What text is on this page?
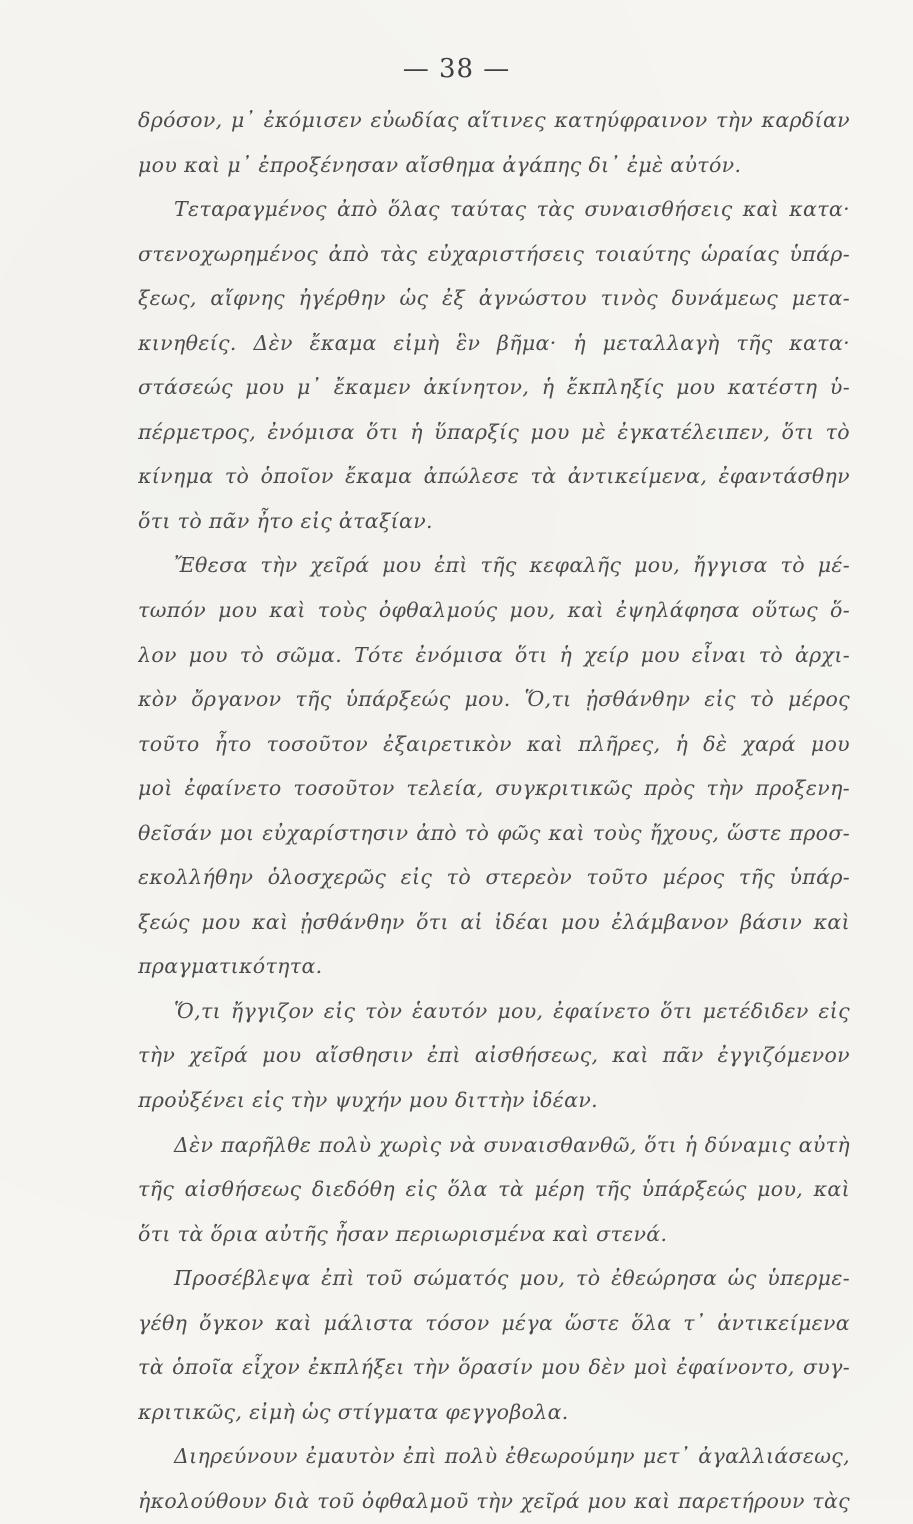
— 38 —
δρόσον, μ᾽ ἐκόμισεν εὐωδίας αἵτινες κατηύφραινον τὴν καρδίαν
μου καὶ μ᾽ ἐπροξένησαν αἴσθημα ἀγάπης δι᾽ ἐμὲ αὐτόν.
Τεταραγμένος ἀπὸ ὅλας ταύτας τὰς συναισθήσεις καὶ κατα·
στενοχωρημένος ἀπὸ τὰς εὐχαριστήσεις τοιαύτης ὡραίας ὑπάρ-
ξεως, αἴφνης ἠγέρθην ὡς ἐξ ἀγνώστου τινὸς δυνάμεως μετα-
κινηθείς. Δὲν ἔκαμα εἰμὴ ἓν βῆμα· ἡ μεταλλαγὴ τῆς κατα·
στάσεώς μου μ᾽ ἔκαμεν ἀκίνητον, ἡ ἔκπληξίς μου κατέστη ὑ-
πέρμετρος, ἐνόμισα ὅτι ἡ ὕπαρξίς μου μὲ ἐγκατέλειπεν, ὅτι τὸ
κίνημα τὸ ὁποῖον ἔκαμα ἀπώλεσε τὰ ἀντικείμενα, ἐφαντάσθην
ὅτι τὸ πᾶν ἦτο εἰς ἀταξίαν.
Ἔθεσα τὴν χεῖρά μου ἐπὶ τῆς κεφαλῆς μου, ἤγγισα τὸ μέ-
τωπόν μου καὶ τοὺς ὀφθαλμούς μου, καὶ ἐψηλάφησα οὕτως ὅ-
λον μου τὸ σῶμα. Τότε ἐνόμισα ὅτι ἡ χείρ μου εἶναι τὸ ἀρχι-
κὸν ὄργανον τῆς ὑπάρξεώς μου. Ὅ,τι ᾐσθάνθην εἰς τὸ μέρος
τοῦτο ἦτο τοσοῦτον ἐξαιρετικὸν καὶ πλῆρες, ἡ δὲ χαρά μου
μοὶ ἐφαίνετο τοσοῦτον τελεία, συγκριτικῶς πρὸς τὴν προξενη-
θεῖσάν μοι εὐχαρίστησιν ἀπὸ τὸ φῶς καὶ τοὺς ἤχους, ὥστε προσ-
εκολλήθην ὁλοσχερῶς εἰς τὸ στερεὸν τοῦτο μέρος τῆς ὑπάρ-
ξεώς μου καὶ ᾐσθάνθην ὅτι αἱ ἰδέαι μου ἐλάμβανον βάσιν καὶ
πραγματικότητα.
Ὅ,τι ἤγγιζον εἰς τὸν ἑαυτόν μου, ἐφαίνετο ὅτι μετέδιδεν εἰς
τὴν χεῖρά μου αἴσθησιν ἐπὶ αἰσθήσεως, καὶ πᾶν ἐγγιζόμενον
προὐξένει εἰς τὴν ψυχήν μου διττὴν ἰδέαν.
Δὲν παρῆλθε πολὺ χωρὶς νὰ συναισθανθῶ, ὅτι ἡ δύναμις αὐτὴ
τῆς αἰσθήσεως διεδόθη εἰς ὅλα τὰ μέρη τῆς ὑπάρξεώς μου, καὶ
ὅτι τὰ ὅρια αὐτῆς ἦσαν περιωρισμένα καὶ στενά.
Προσέβλεψα ἐπὶ τοῦ σώματός μου, τὸ ἐθεώρησα ὡς ὑπερμε-
γέθη ὄγκον καὶ μάλιστα τόσον μέγα ὥστε ὅλα τ᾽ ἀντικείμενα
τὰ ὁποῖα εἶχον ἐκπλήξει τὴν ὅρασίν μου δὲν μοὶ ἐφαίνοντο, συγ-
κριτικῶς, εἰμὴ ὡς στίγματα φεγγοβολα.
Διηρεύνουν ἐμαυτὸν ἐπὶ πολὺ ἐθεωρούμην μετ᾽ ἀγαλλιάσεως,
ἠκολούθουν διὰ τοῦ ὀφθαλμοῦ τὴν χεῖρά μου καὶ παρετήρουν τὰς
